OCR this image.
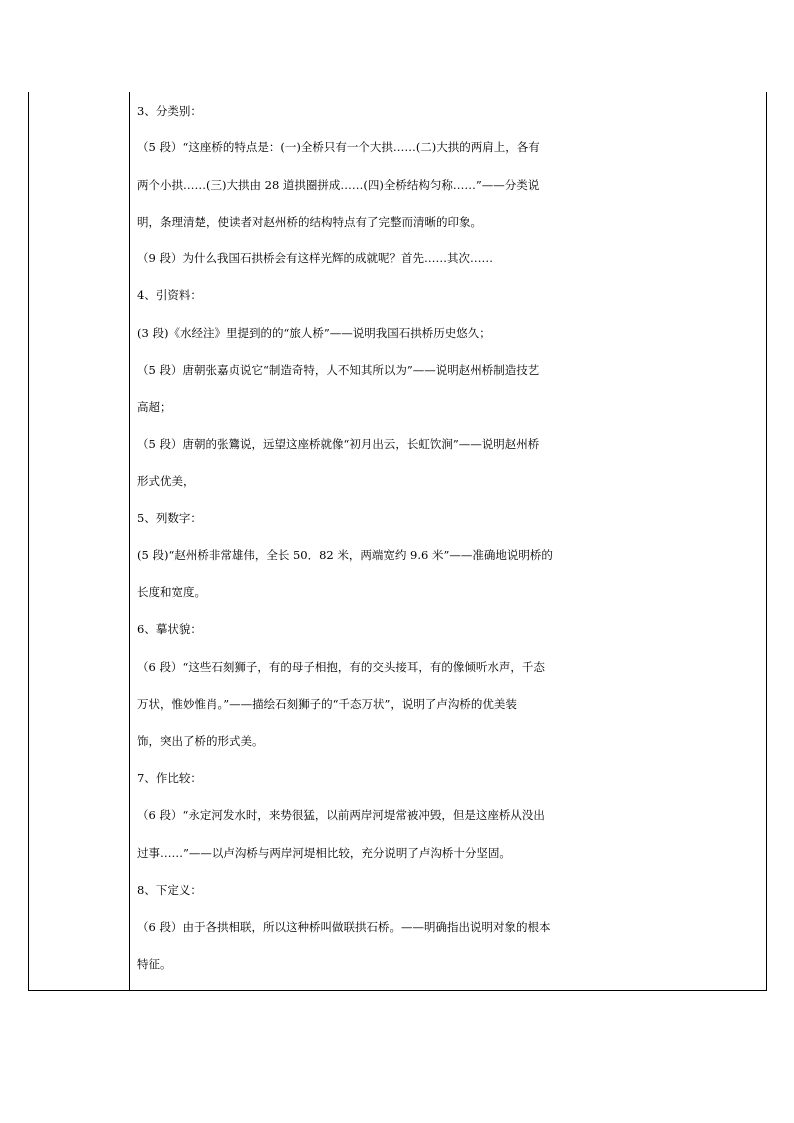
3、分类别：
（5 段）“这座桥的特点是：(一)全桥只有一个大拱……(二)大拱的两肩上，各有
两个小拱……(三)大拱由 28 道拱圈拼成……(四)全桥结构匀称……”——分类说
明，条理清楚，使读者对赵州桥的结构特点有了完整而清晰的印象。
（9 段）为什么我国石拱桥会有这样光辉的成就呢？首先……其次……
4、引资料：
(3 段)《水经注》里提到的的“旅人桥”——说明我国石拱桥历史悠久；
（5 段）唐朝张嘉贞说它“制造奇特，人不知其所以为”——说明赵州桥制造技艺
高超；
（5 段）唐朝的张鷟说，远望这座桥就像“初月出云，长虹饮涧”——说明赵州桥
形式优美，
5、列数字：
(5 段)“赵州桥非常雄伟，全长 50．82 米，两端宽约 9.6 米”——准确地说明桥的
长度和宽度。
6、摹状貌：
（6 段）“这些石刻狮子，有的母子相抱，有的交头接耳，有的像倾听水声，千态
万状，惟妙惟肖。”——描绘石刻狮子的“千态万状”，说明了卢沟桥的优美装
饰，突出了桥的形式美。
7、作比较：
（6 段）“永定河发水时，来势很猛，以前两岸河堤常被冲毁，但是这座桥从没出
过事……”——以卢沟桥与两岸河堤相比较，充分说明了卢沟桥十分坚固。
8、下定义：
（6 段）由于各拱相联，所以这种桥叫做联拱石桥。——明确指出说明对象的根本
特征。
